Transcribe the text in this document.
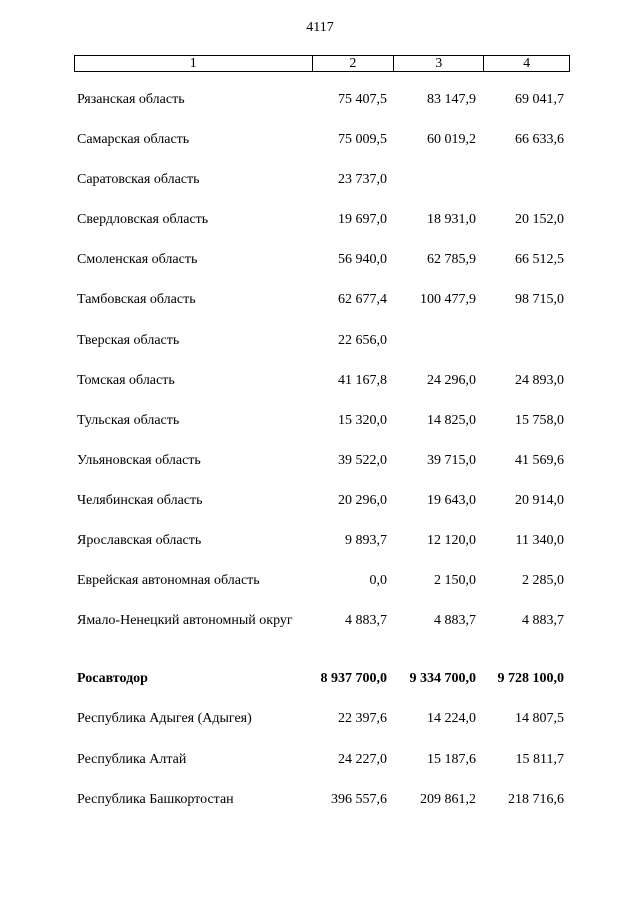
4117
1	2	3	4
Рязанская область	75 407,5	83 147,9	69 041,7
Самарская область	75 009,5	60 019,2	66 633,6
Саратовская область	23 737,0
Свердловская область	19 697,0	18 931,0	20 152,0
Смоленская область	56 940,0	62 785,9	66 512,5
Тамбовская область	62 677,4	100 477,9	98 715,0
Тверская область	22 656,0
Томская область	41 167,8	24 296,0	24 893,0
Тульская область	15 320,0	14 825,0	15 758,0
Ульяновская область	39 522,0	39 715,0	41 569,6
Челябинская область	20 296,0	19 643,0	20 914,0
Ярославская область	9 893,7	12 120,0	11 340,0
Еврейская автономная область	0,0	2 150,0	2 285,0
Ямало-Ненецкий автономный округ	4 883,7	4 883,7	4 883,7
Росавтодор	8 937 700,0	9 334 700,0	9 728 100,0
Республика Адыгея (Адыгея)	22 397,6	14 224,0	14 807,5
Республика Алтай	24 227,0	15 187,6	15 811,7
Республика Башкортостан	396 557,6	209 861,2	218 716,6
